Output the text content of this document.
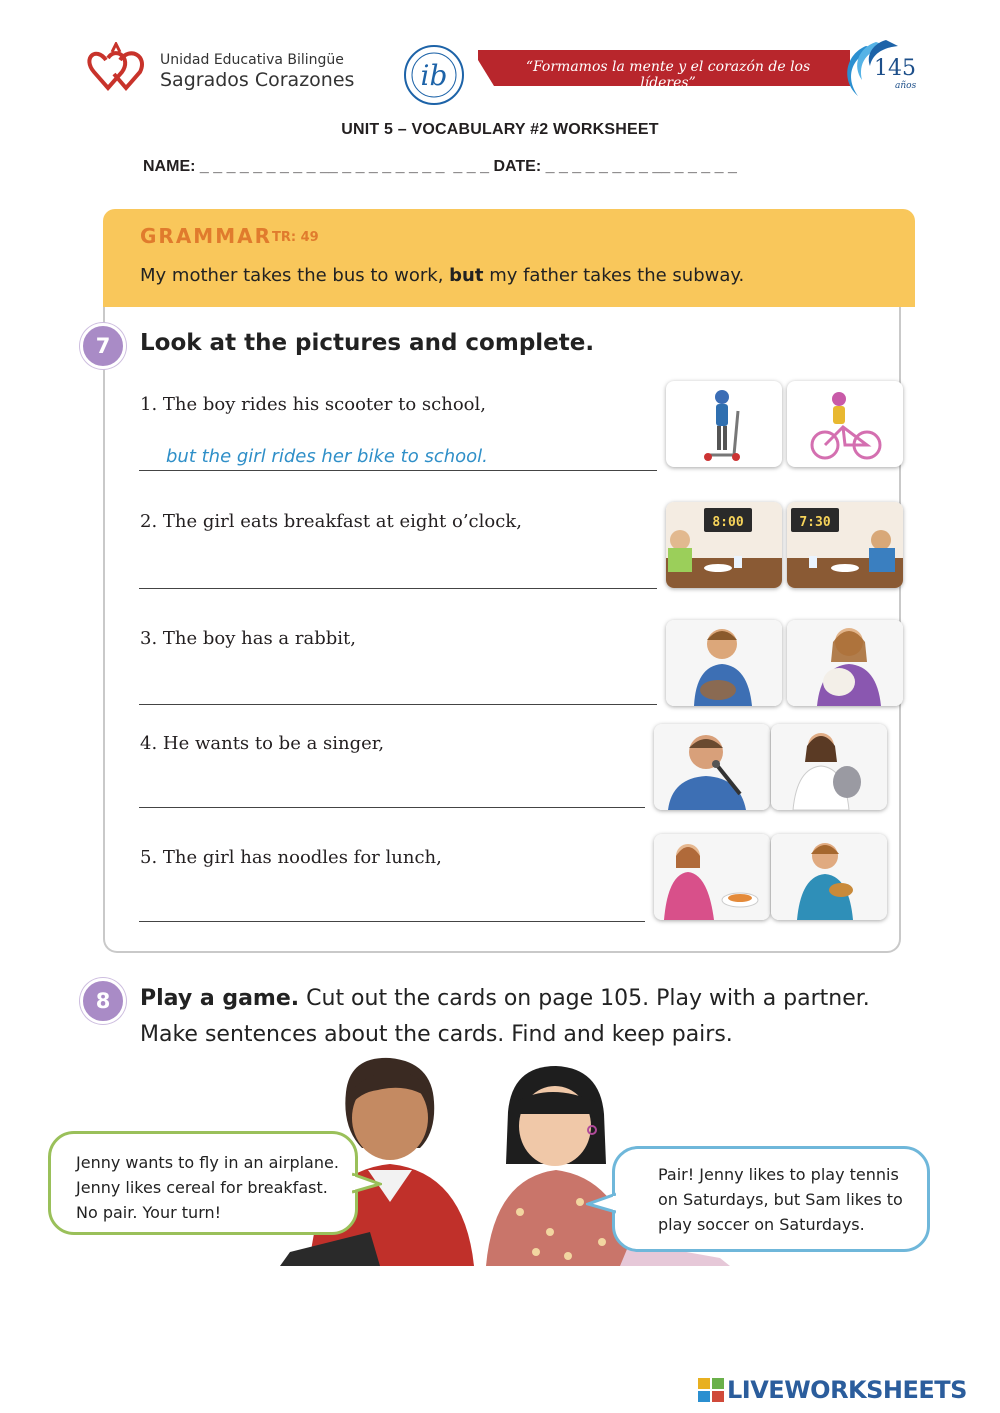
Unidad Educativa Bilingüe
Sagrados Corazones ib	“Formamos la mente y el corazón de los líderes”
145
años
UNIT 5 – VOCABULARY #2 WORKSHEET
NAME: _ _ _ _ _ _ _ _ _ __ _ _ _ _ _ _ _ _  _ _ _ DATE: _ _ _ _ _ _ _ _ __ _ _ _ _ _
GRAMMAR TR: 49
My mother takes the bus to work, but my father takes the subway.
7	Look at the pictures and complete.
1. The boy rides his scooter to school,
but the girl rides her bike to school.
2. The girl eats breakfast at eight o’clock,	8:00	7:30
3. The boy has a rabbit,
4. He wants to be a singer,
5. The girl has noodles for lunch,
8	Play a game. Cut out the cards on page 105. Play with a partner.
Make sentences about the cards. Find and keep pairs.
Jenny wants to fly in an airplane. Jenny likes cereal for breakfast. No pair. Your turn!
Pair! Jenny likes to play tennis on Saturdays, but Sam likes to play soccer on Saturdays.
LIVEWORKSHEETS
